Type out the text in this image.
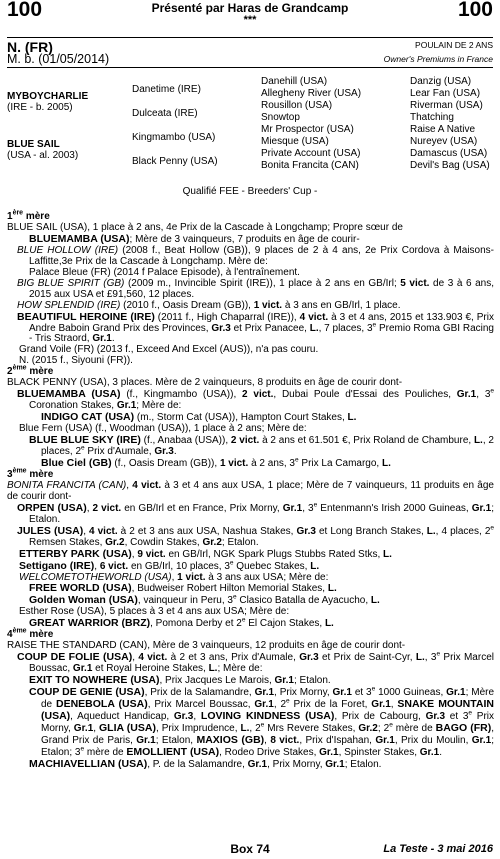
100	Présenté par Haras de Grandcamp
***	100
N. (FR)
M. b. (01/05/2014)
POULAIN DE 2 ANS
Owner's Premiums in France
MYBOYCHARLIE
(IRE - b. 2005)
BLUE SAIL
(USA - al. 2003)
Danetime (IRE)
Dulceata (IRE)
Kingmambo (USA)
Black Penny (USA)
Danehill (USA)
Allegheny River (USA)
Rousillon (USA)
Snowtop
Mr Prospector (USA)
Miesque (USA)
Private Account (USA)
Bonita Francita (CAN)
Danzig (USA)
Lear Fan (USA)
Riverman (USA)
Thatching
Raise A Native
Nureyev (USA)
Damascus (USA)
Devil's Bag (USA)
Qualifié FEE - Breeders' Cup -

1ère mère

BLUE SAIL (USA), 1 place à 2 ans, 4e Prix de la Cascade à Longchamp; Propre sœur de

BLUEMAMBA (USA); Mère de 3 vainqueurs, 7 produits en âge de courir-

BLUE HOLLOW (IRE) (2008 f., Beat Hollow (GB)), 9 places de 2 à 4 ans, 2e Prix Cordova à Maisons-Laffitte,3e Prix de la Cascade à Longchamp. Mère de:

Palace Bleue (FR) (2014 f Palace Episode), à l'entraînement.

BIG BLUE SPIRIT (GB) (2009 m., Invincible Spirit (IRE)), 1 place à 2 ans en GB/Irl; 5 vict. de 3 à 6 ans, 2015 aux USA et £91,560, 12 places.

HOW SPLENDID (IRE) (2010 f., Oasis Dream (GB)), 1 vict. à 3 ans en GB/Irl, 1 place.

BEAUTIFUL HEROINE (IRE) (2011 f., High Chaparral (IRE)), 4 vict. à 3 et 4 ans, 2015 et 133.903 €, Prix Andre Baboin Grand Prix des Provinces, Gr.3 et Prix Panacee, L., 7 places, 3e Premio Roma GBI Racing - Tris Straord, Gr.1.

Grand Voile (FR) (2013 f., Exceed And Excel (AUS)), n'a pas couru.

N. (2015 f., Siyouni (FR)).

2ème mère

BLACK PENNY (USA), 3 places. Mère de 2 vainqueurs, 8 produits en âge de courir dont-

BLUEMAMBA (USA) (f., Kingmambo (USA)), 2 vict., Dubai Poule d'Essai des Pouliches, Gr.1, 3e Coronation Stakes, Gr.1; Mère de:

INDIGO CAT (USA) (m., Storm Cat (USA)), Hampton Court Stakes, L.

Blue Fern (USA) (f., Woodman (USA)), 1 place à 2 ans; Mère de:

BLUE BLUE SKY (IRE) (f., Anabaa (USA)), 2 vict. à 2 ans et 61.501 €, Prix Roland de Chambure, L., 2 places, 2e Prix d'Aumale, Gr.3.

Blue Ciel (GB) (f., Oasis Dream (GB)), 1 vict. à 2 ans, 3e Prix La Camargo, L.

3ème mère

BONITA FRANCITA (CAN), 4 vict. à 3 et 4 ans aux USA, 1 place; Mère de 7 vainqueurs, 11 produits en âge de courir dont-

ORPEN (USA), 2 vict. en GB/Irl et en France, Prix Morny, Gr.1, 3e Entenmann's Irish 2000 Guineas, Gr.1; Etalon.

JULES (USA), 4 vict. à 2 et 3 ans aux USA, Nashua Stakes, Gr.3 et Long Branch Stakes, L., 4 places, 2e Remsen Stakes, Gr.2, Cowdin Stakes, Gr.2; Etalon.

ETTERBY PARK (USA), 9 vict. en GB/Irl, NGK Spark Plugs Stubbs Rated Stks, L.

Settigano (IRE), 6 vict. en GB/Irl, 10 places, 3e Quebec Stakes, L.

WELCOMETOTHEWORLD (USA), 1 vict. à 3 ans aux USA; Mère de:

FREE WORLD (USA), Budweiser Robert Hilton Memorial Stakes, L.

Golden Woman (USA), vainqueur in Peru, 3e Clasico Batalla de Ayacucho, L.

Esther Rose (USA), 5 places à 3 et 4 ans aux USA; Mère de:

GREAT WARRIOR (BRZ), Pomona Derby et 2e El Cajon Stakes, L.

4ème mère

RAISE THE STANDARD (CAN), Mère de 3 vainqueurs, 12 produits en âge de courir dont-

COUP DE FOLIE (USA), 4 vict. à 2 et 3 ans, Prix d'Aumale, Gr.3 et Prix de Saint-Cyr, L., 3e Prix Marcel Boussac, Gr.1 et Royal Heroine Stakes, L.; Mère de:

EXIT TO NOWHERE (USA), Prix Jacques Le Marois, Gr.1; Etalon.

COUP DE GENIE (USA), Prix de la Salamandre, Gr.1, Prix Morny, Gr.1 et 3e 1000 Guineas, Gr.1; Mère de DENEBOLA (USA), Prix Marcel Boussac, Gr.1, 2e Prix de la Foret, Gr.1, SNAKE MOUNTAIN (USA), Aqueduct Handicap, Gr.3, LOVING KINDNESS (USA), Prix de Cabourg, Gr.3 et 3e Prix Morny, Gr.1, GLIA (USA), Prix Imprudence, L., 2e Mrs Revere Stakes, Gr.2; 2e mère de BAGO (FR), Grand Prix de Paris, Gr.1; Etalon, MAXIOS (GB), 8 vict., Prix d'Ispahan, Gr.1, Prix du Moulin, Gr.1; Etalon; 3e mère de EMOLLIENT (USA), Rodeo Drive Stakes, Gr.1, Spinster Stakes, Gr.1.

MACHIAVELLIAN (USA), P. de la Salamandre, Gr.1, Prix Morny, Gr.1; Etalon.

Box 74	La Teste - 3 mai 2016
